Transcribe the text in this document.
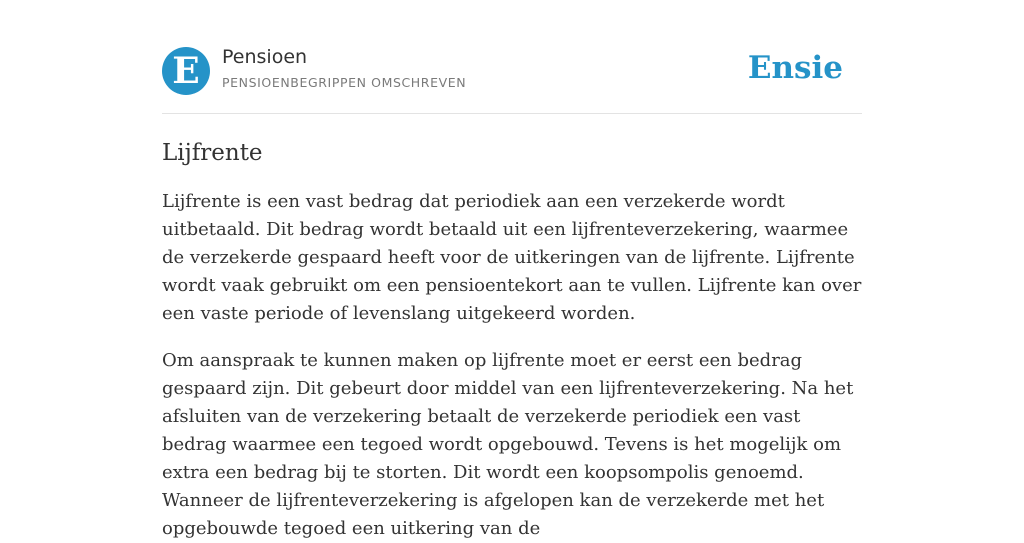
E	Pensioen
PENSIOENBEGRIPPEN OMSCHREVEN	Ensie
Lijfrente

Lijfrente is een vast bedrag dat periodiek aan een verzekerde wordt uitbetaald. Dit bedrag wordt betaald uit een lijfrenteverzekering, waarmee de verzekerde gespaard heeft voor de uitkeringen van de lijfrente. Lijfrente wordt vaak gebruikt om een pensioentekort aan te vullen. Lijfrente kan over een vaste periode of levenslang uitgekeerd worden.

Om aanspraak te kunnen maken op lijfrente moet er eerst een bedrag gespaard zijn. Dit gebeurt door middel van een lijfrenteverzekering. Na het afsluiten van de verzekering betaalt de verzekerde periodiek een vast bedrag waarmee een tegoed wordt opgebouwd. Tevens is het mogelijk om extra een bedrag bij te storten. Dit wordt een koopsompolis genoemd. Wanneer de lijfrenteverzekering is afgelopen kan de verzekerde met het opgebouwde tegoed een uitkering van de
